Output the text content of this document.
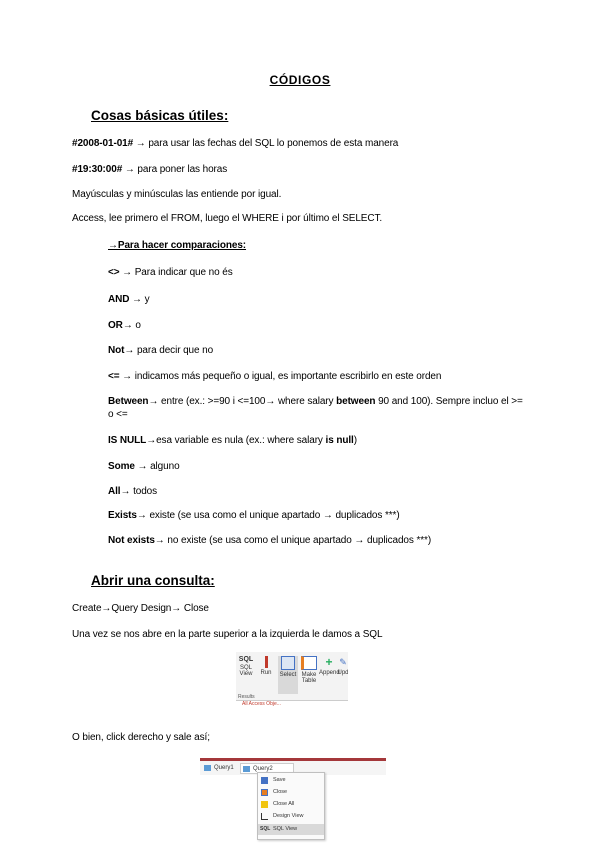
CÓDIGOS
Cosas básicas útiles:
#2008-01-01# → para usar las fechas del SQL lo ponemos de esta manera
#19:30:00# → para poner las horas
Mayúsculas y minúsculas las entiende por igual.
Access, lee primero el FROM, luego el WHERE i por último el SELECT.
→Para hacer comparaciones:
<> → Para indicar que no és
AND → y
OR→ o
Not→ para decir que no
<= → indicamos más pequeño o igual, es importante escribirlo en este orden
Between→ entre (ex.: >=90 i <=100→ where salary between 90 and 100). Sempre incluo el >= o <=
IS NULL→esa variable es nula (ex.: where salary is null)
Some → alguno
All→ todos
Exists→ existe (se usa como el unique apartado → duplicados ***)
Not exists→ no existe (se usa como el unique apartado → duplicados ***)
Abrir una consulta:
Create→Query Design→ Close
Una vez se nos abre en la parte superior a la izquierda le damos a SQL
SQL
SQL
View	Run	Select Make
Table
+
Append
✎
Upd
Results
All Access Obje...
O bien, click derecho y sale así;
Query1	Query2
Save
Close
Close All
Design View
SQL SQL View
